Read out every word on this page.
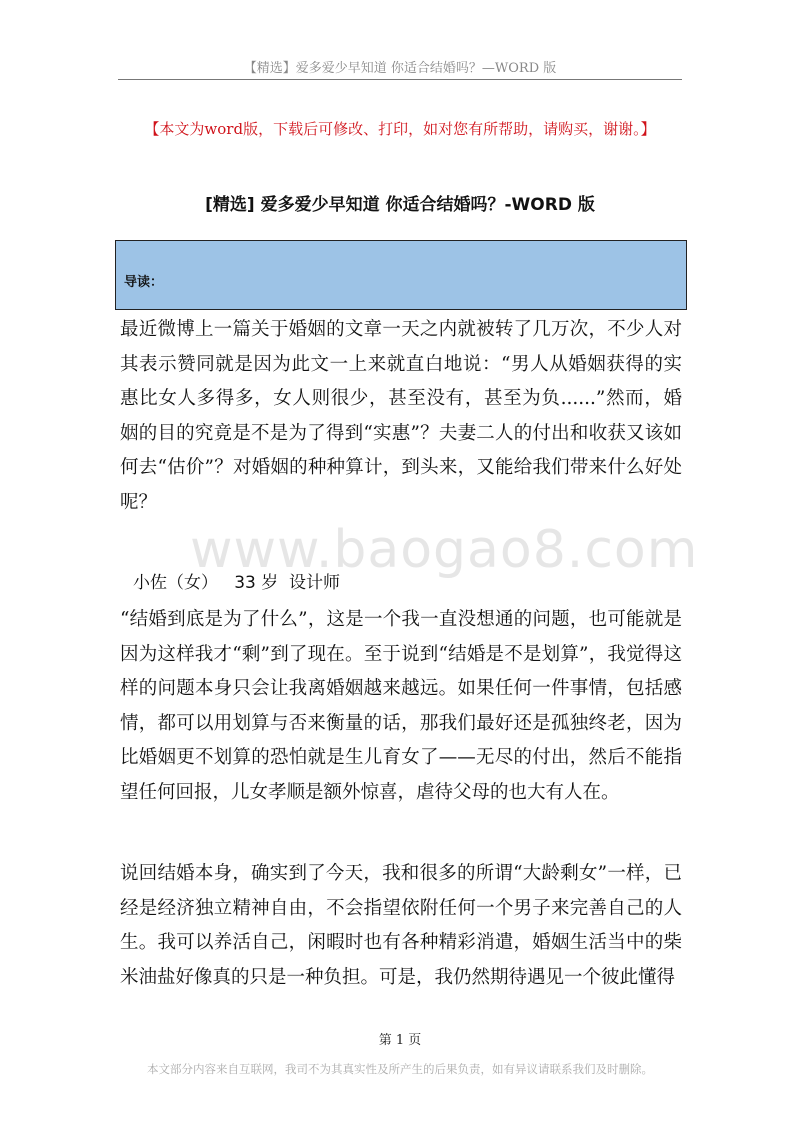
【精选】爱多爱少早知道 你适合结婚吗？—WORD 版
【本文为word版，下载后可修改、打印，如对您有所帮助，请购买，谢谢。】
[精选] 爱多爱少早知道 你适合结婚吗？-WORD 版
导读：
www.baogao8.com

最近微博上一篇关于婚姻的文章一天之内就被转了几万次，不少人对其表示赞同就是因为此文一上来就直白地说：“男人从婚姻获得的实惠比女人多得多，女人则很少，甚至没有，甚至为负......”然而，婚姻的目的究竟是不是为了得到“实惠”？夫妻二人的付出和收获又该如何去“估价”？对婚姻的种种算计，到头来，又能给我们带来什么好处呢？

小佐（女）   33 岁  设计师

“结婚到底是为了什么”，这是一个我一直没想通的问题，也可能就是因为这样我才“剩”到了现在。至于说到“结婚是不是划算”，我觉得这样的问题本身只会让我离婚姻越来越远。如果任何一件事情，包括感情，都可以用划算与否来衡量的话，那我们最好还是孤独终老，因为比婚姻更不划算的恐怕就是生儿育女了——无尽的付出，然后不能指望任何回报，儿女孝顺是额外惊喜，虐待父母的也大有人在。

说回结婚本身，确实到了今天，我和很多的所谓“大龄剩女”一样，已经是经济独立精神自由，不会指望依附任何一个男子来完善自己的人生。我可以养活自己，闲暇时也有各种精彩消遣，婚姻生活当中的柴米油盐好像真的只是一种负担。可是，我仍然期待遇见一个彼此懂得

第 1 页
本文部分内容来自互联网，我司不为其真实性及所产生的后果负责，如有异议请联系我们及时删除。
